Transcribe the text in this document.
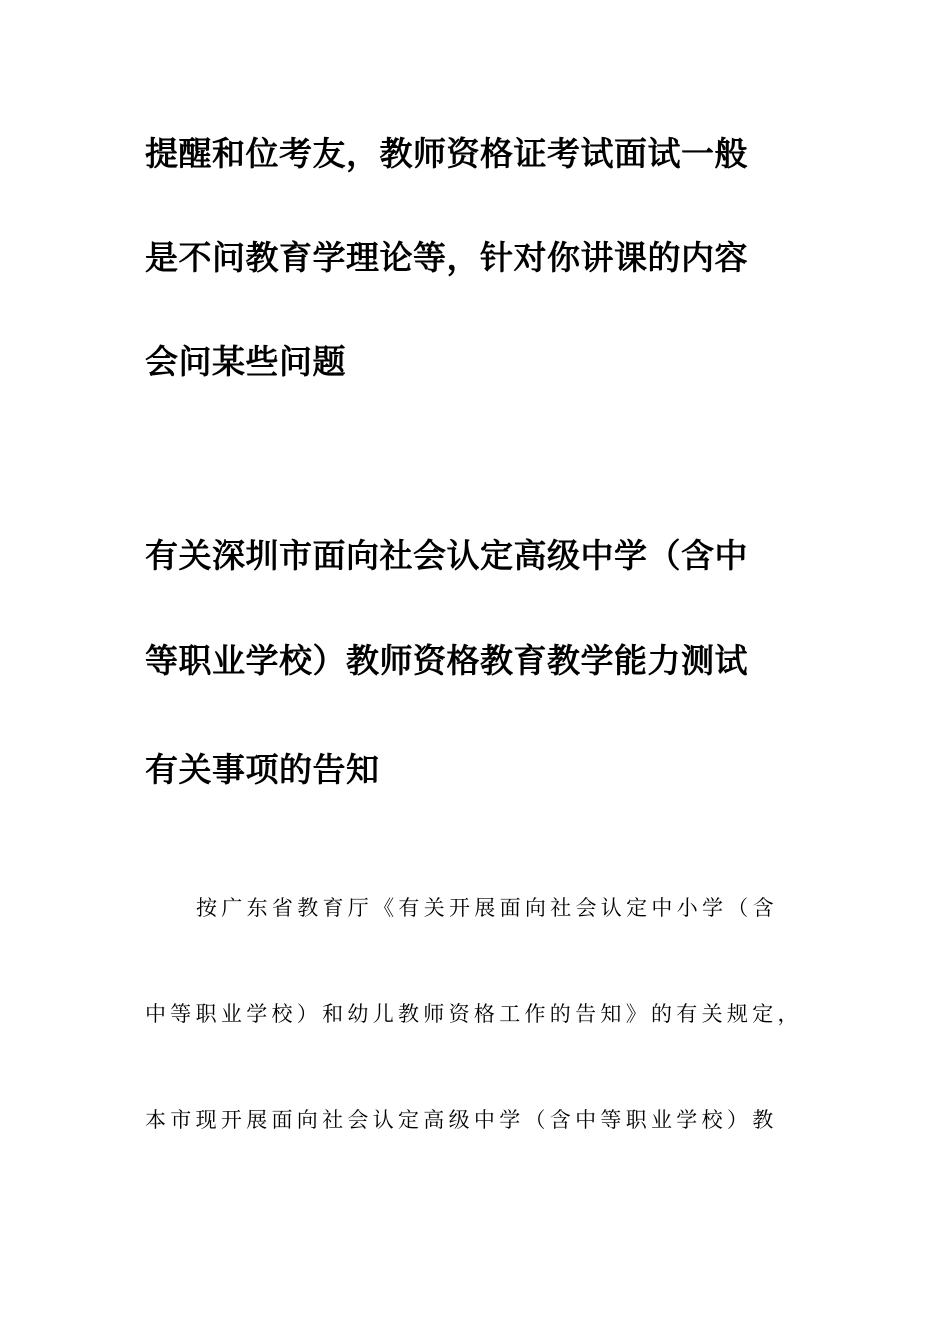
提醒和位考友，教师资格证考试面试一般
是不问教育学理论等，针对你讲课的内容
会问某些问题
有关深圳市面向社会认定高级中学（含中
等职业学校）教师资格教育教学能力测试
有关事项的告知
按广东省教育厅《有关开展面向社会认定中小学（含
中等职业学校）和幼儿教师资格工作的告知》的有关规定，
本市现开展面向社会认定高级中学（含中等职业学校）教
